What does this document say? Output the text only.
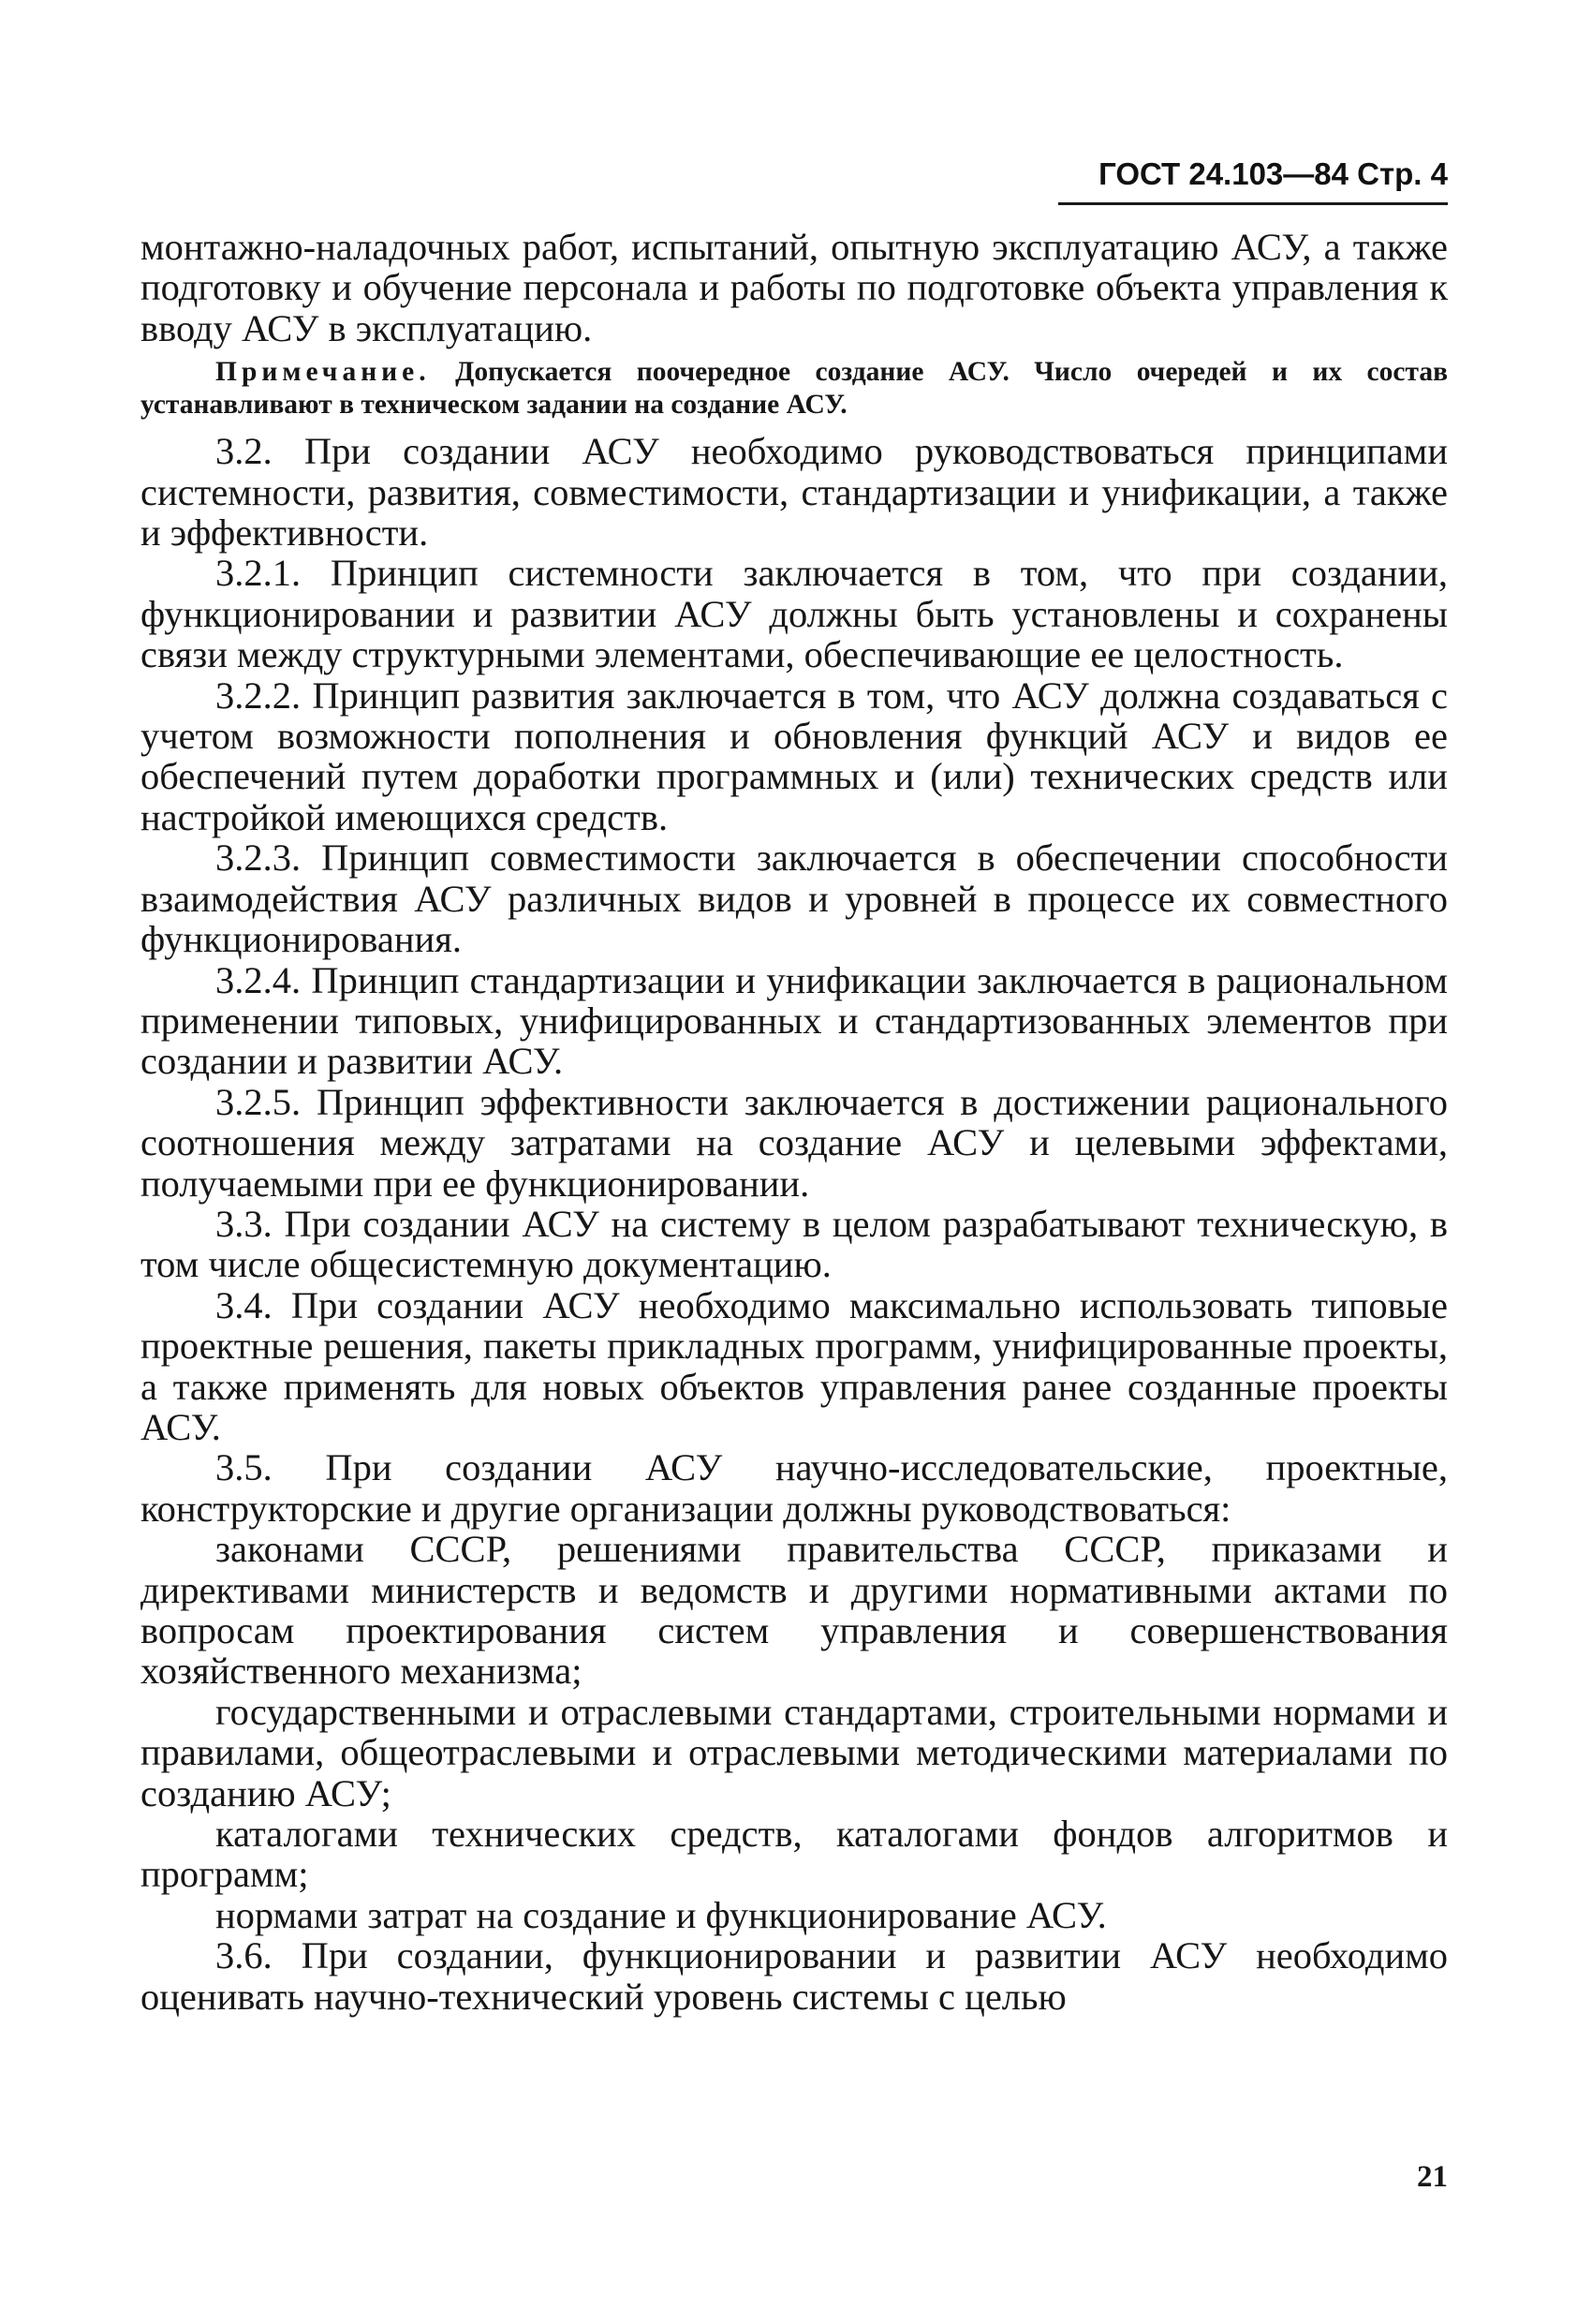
ГОСТ 24.103—84 Стр. 4

монтажно-наладочных работ, испытаний, опытную эксплуатацию АСУ, а также подготовку и обучение персонала и работы по подготовке объекта управления к вводу АСУ в эксплуатацию.

Примечание. Допускается поочередное создание АСУ. Число очередей и их состав устанавливают в техническом задании на создание АСУ.

3.2. При создании АСУ необходимо руководствоваться принципами системности, развития, совместимости, стандартизации и унификации, а также и эффективности.

3.2.1. Принцип системности заключается в том, что при создании, функционировании и развитии АСУ должны быть установлены и сохранены связи между структурными элементами, обеспечивающие ее целостность.

3.2.2. Принцип развития заключается в том, что АСУ должна создаваться с учетом возможности пополнения и обновления функций АСУ и видов ее обеспечений путем доработки программных и (или) технических средств или настройкой имеющихся средств.

3.2.3. Принцип совместимости заключается в обеспечении способности взаимодействия АСУ различных видов и уровней в процессе их совместного функционирования.

3.2.4. Принцип стандартизации и унификации заключается в рациональном применении типовых, унифицированных и стандартизованных элементов при создании и развитии АСУ.

3.2.5. Принцип эффективности заключается в достижении рационального соотношения между затратами на создание АСУ и целевыми эффектами, получаемыми при ее функционировании.

3.3. При создании АСУ на систему в целом разрабатывают техническую, в том числе общесистемную документацию.

3.4. При создании АСУ необходимо максимально использовать типовые проектные решения, пакеты прикладных программ, унифицированные проекты, а также применять для новых объектов управления ранее созданные проекты АСУ.

3.5. При создании АСУ научно-исследовательские, проектные, конструкторские и другие организации должны руководствоваться:

законами СССР, решениями правительства СССР, приказами и директивами министерств и ведомств и другими нормативными актами по вопросам проектирования систем управления и совершенствования хозяйственного механизма;

государственными и отраслевыми стандартами, строительными нормами и правилами, общеотраслевыми и отраслевыми методическими материалами по созданию АСУ;

каталогами технических средств, каталогами фондов алгоритмов и программ;

нормами затрат на создание и функционирование АСУ.

3.6. При создании, функционировании и развитии АСУ необходимо оценивать научно-технический уровень системы с целью

21
